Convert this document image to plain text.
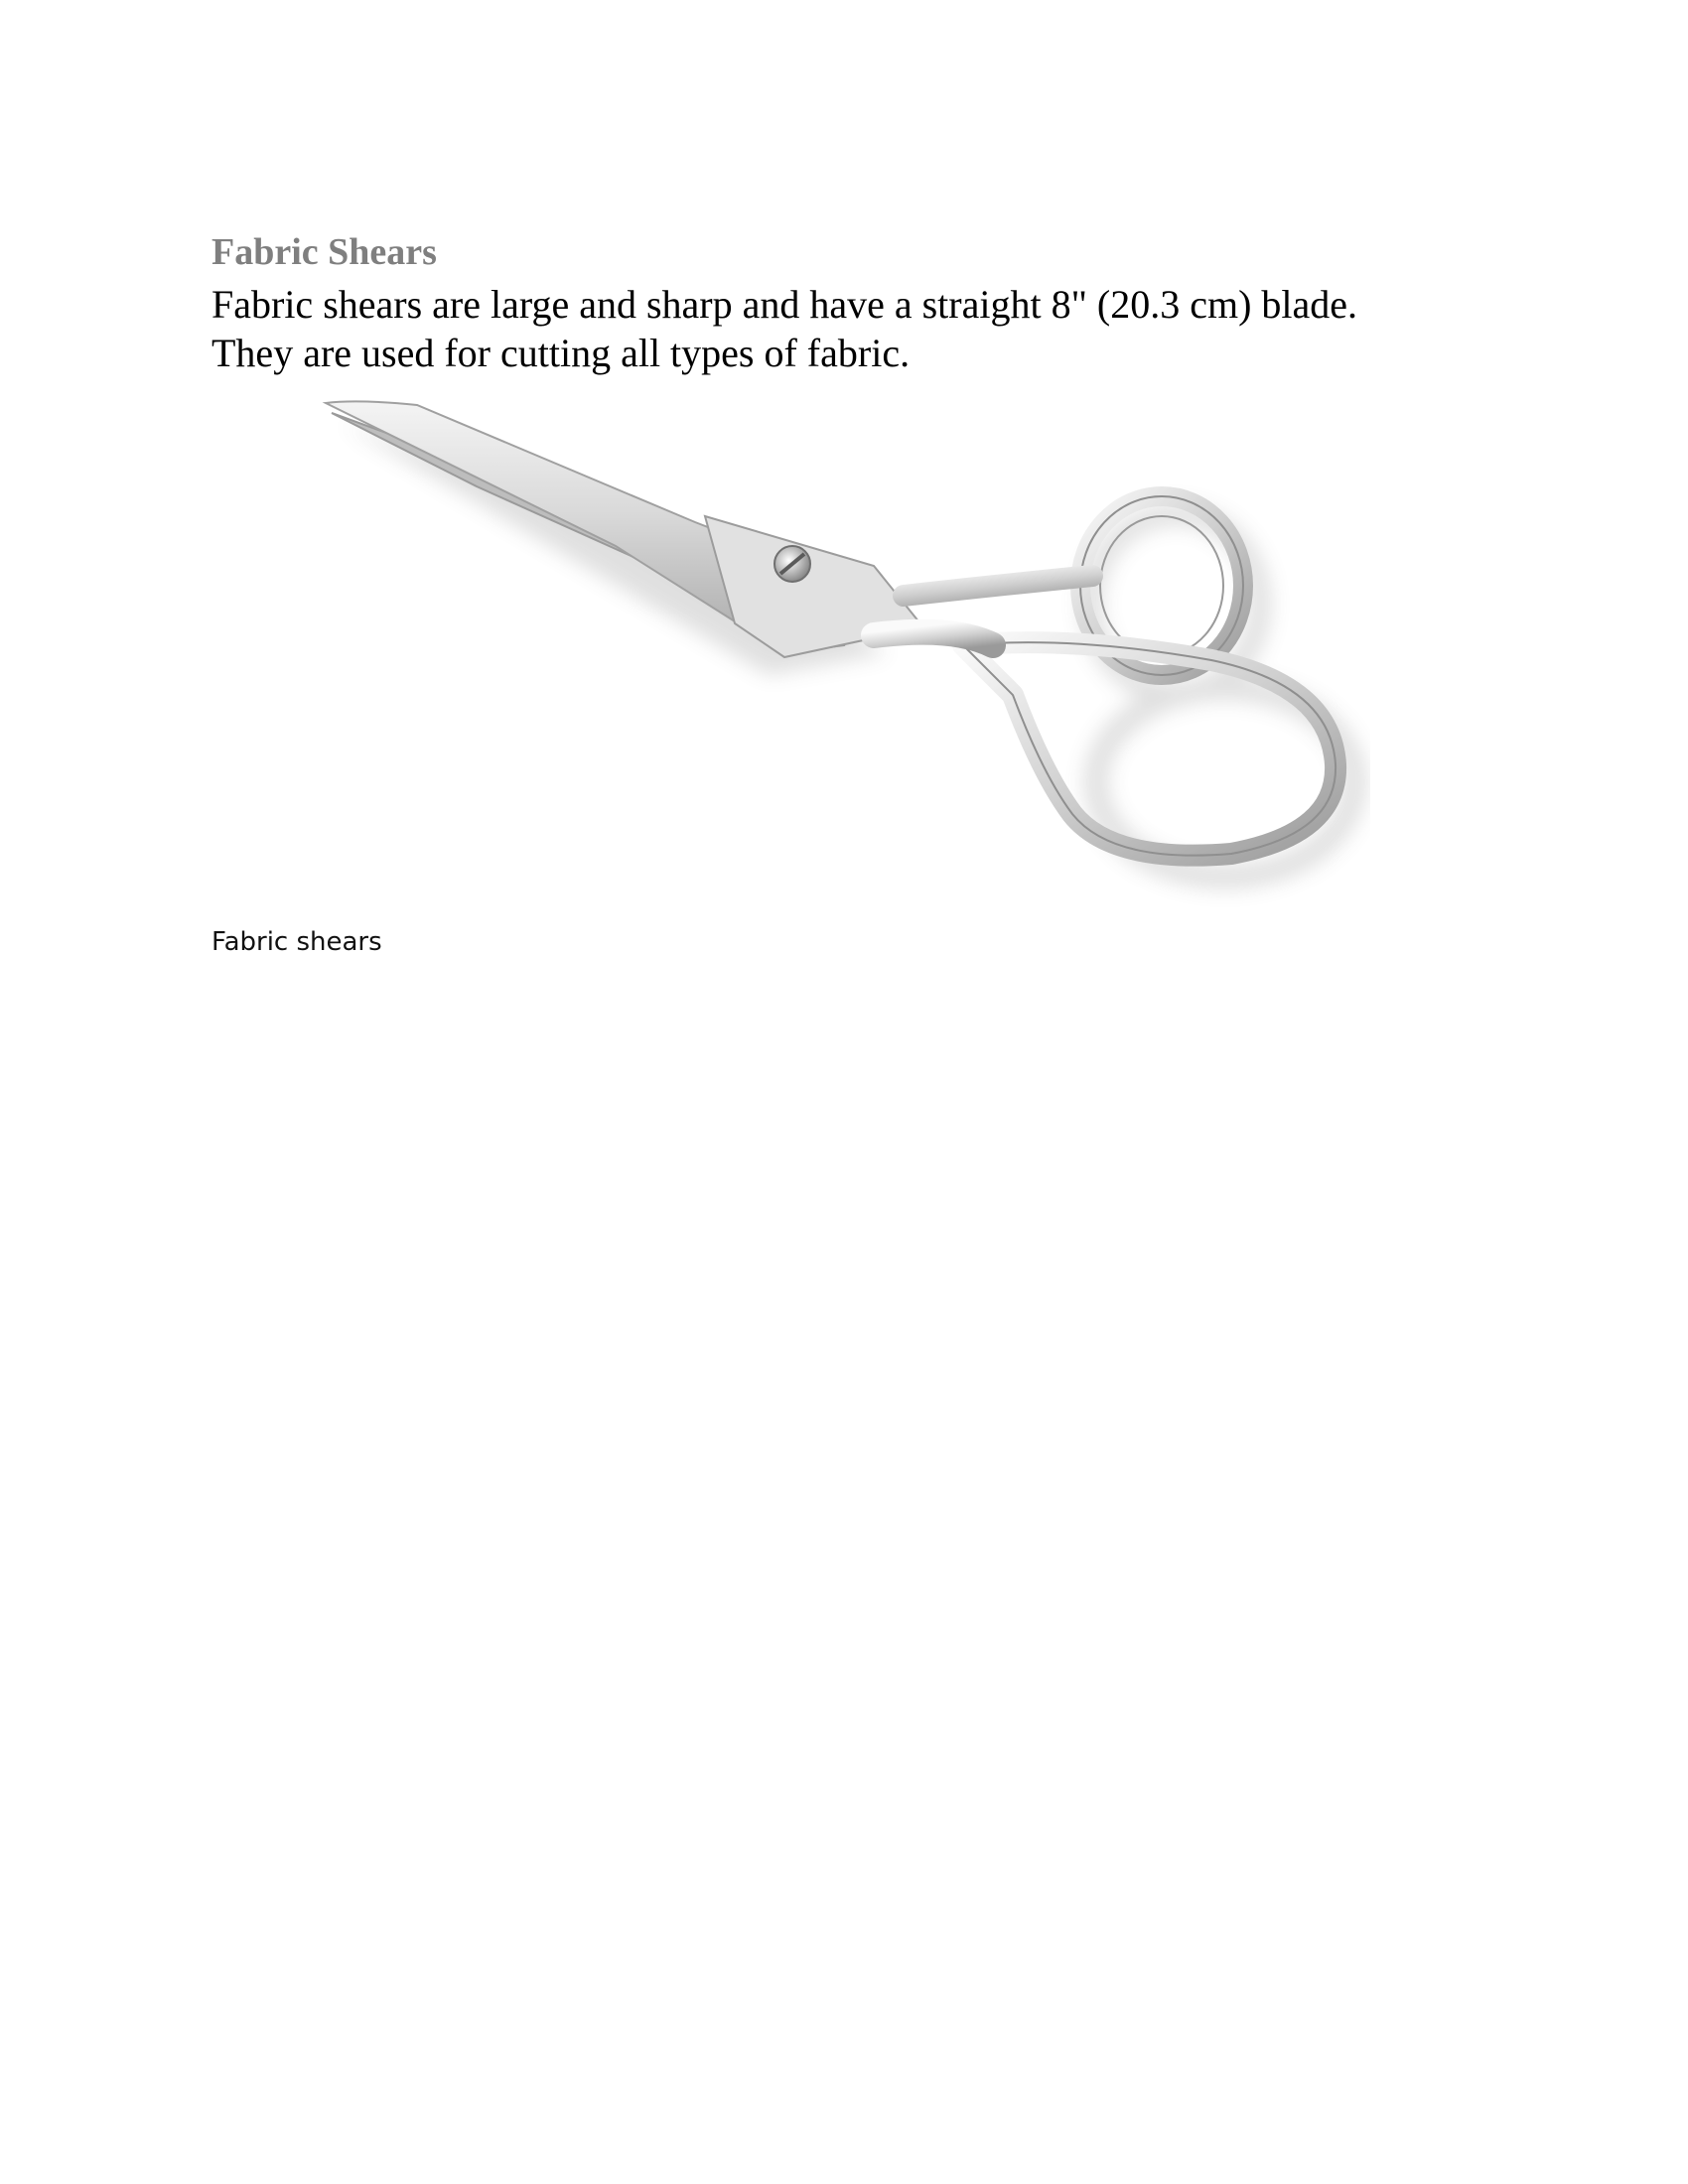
Fabric Shears

Fabric shears are large and sharp and have a straight 8" (20.3 cm) blade.
They are used for cutting all types of fabric.

Fabric shears
